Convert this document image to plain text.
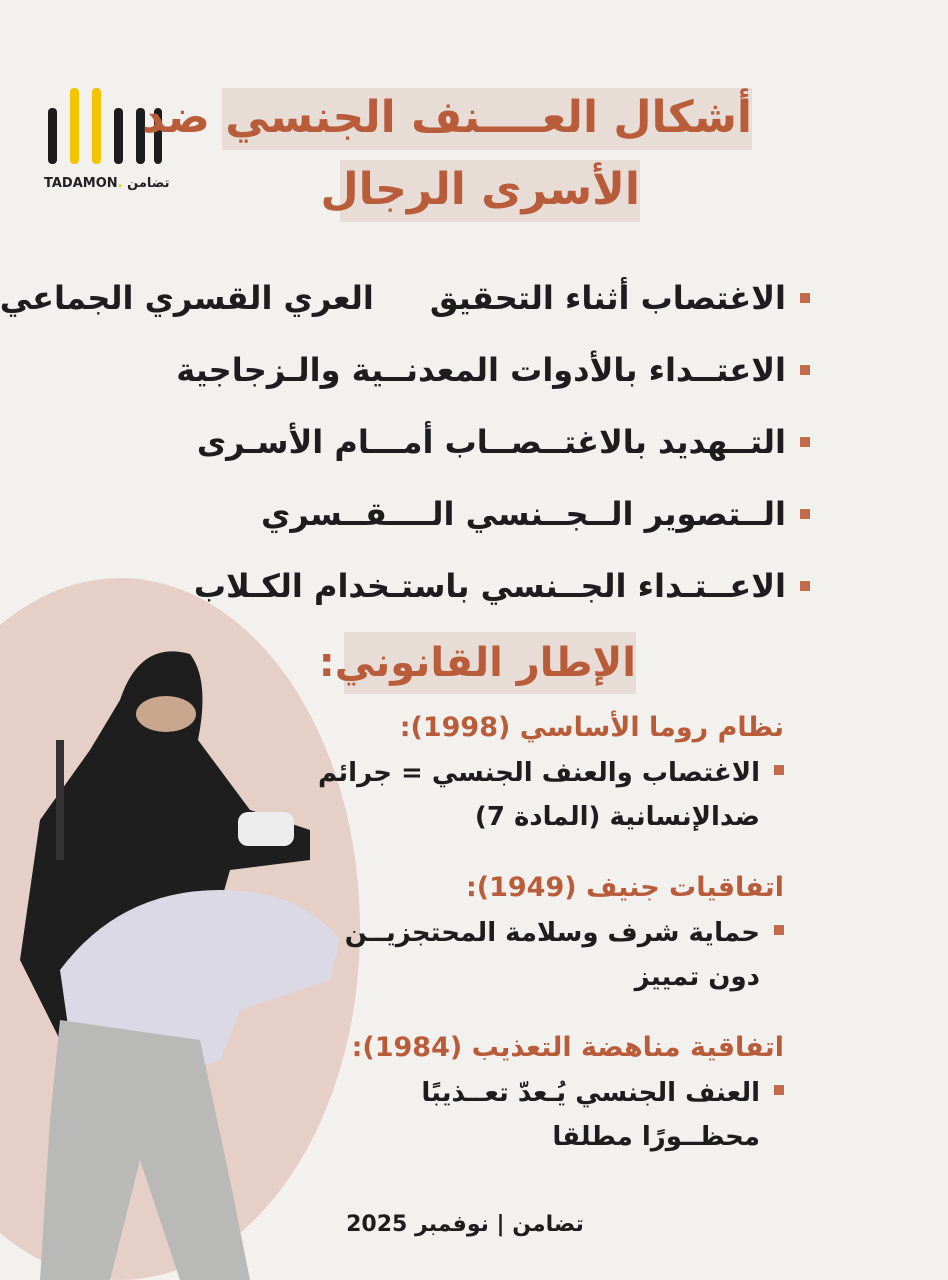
TADAMON. تضامن
أشكال العــــنف الجنسي ضد
الأسرى الرجال
الاغتصاب أثناء التحقيق
العري القسري الجماعي
الاعتــداء بالأدوات المعدنــية والـزجاجية
التــهديد بالاغتــصــاب أمـــام الأسـرى
الــتصوير الــجــنسي الــــقــسري
الاعــتـداء الجــنسي باستـخدام الكـلاب
الإطار القانوني:
نظام روما الأساسي (1998):
الاغتصاب والعنف الجنسي = جرائم
ضدالإنسانية (المادة 7)
اتفاقيات جنيف (1949):
حماية شرف وسلامة المحتجزيــن
دون تمييز
اتفاقية مناهضة التعذيب (1984):
العنف الجنسي يُـعدّ تعــذيبًا
محظــورًا مطلقا
تضامن | نوفمبر 2025
